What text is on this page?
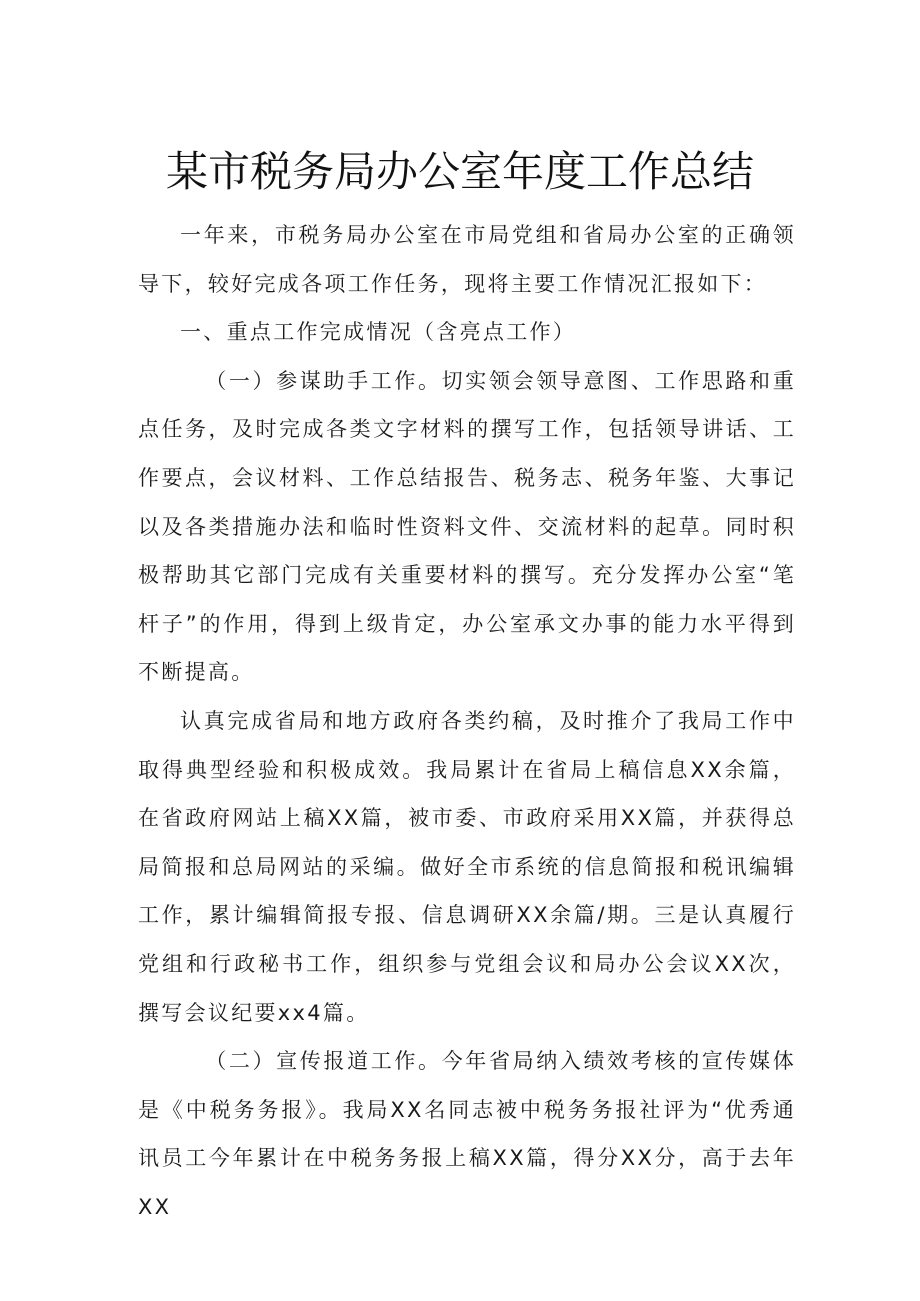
某市税务局办公室年度工作总结

一年来，市税务局办公室在市局党组和省局办公室的正确领导下，较好完成各项工作任务，现将主要工作情况汇报如下：

一、重点工作完成情况（含亮点工作）

（一）参谋助手工作。切实领会领导意图、工作思路和重点任务，及时完成各类文字材料的撰写工作，包括领导讲话、工作要点，会议材料、工作总结报告、税务志、税务年鉴、大事记以及各类措施办法和临时性资料文件、交流材料的起草。同时积极帮助其它部门完成有关重要材料的撰写。充分发挥办公室“笔杆子”的作用，得到上级肯定，办公室承文办事的能力水平得到不断提高。

认真完成省局和地方政府各类约稿，及时推介了我局工作中取得典型经验和积极成效。我局累计在省局上稿信息XX余篇，在省政府网站上稿XX篇，被市委、市政府采用XX篇，并获得总局简报和总局网站的采编。做好全市系统的信息简报和税讯编辑工作，累计编辑简报专报、信息调研XX余篇/期。三是认真履行党组和行政秘书工作，组织参与党组会议和局办公会议XX次，撰写会议纪要xx4篇。

（二）宣传报道工作。今年省局纳入绩效考核的宣传媒体是《中税务务报》。我局XX名同志被中税务务报社评为“优秀通讯员工今年累计在中税务务报上稿XX篇，得分XX分，高于去年XX
